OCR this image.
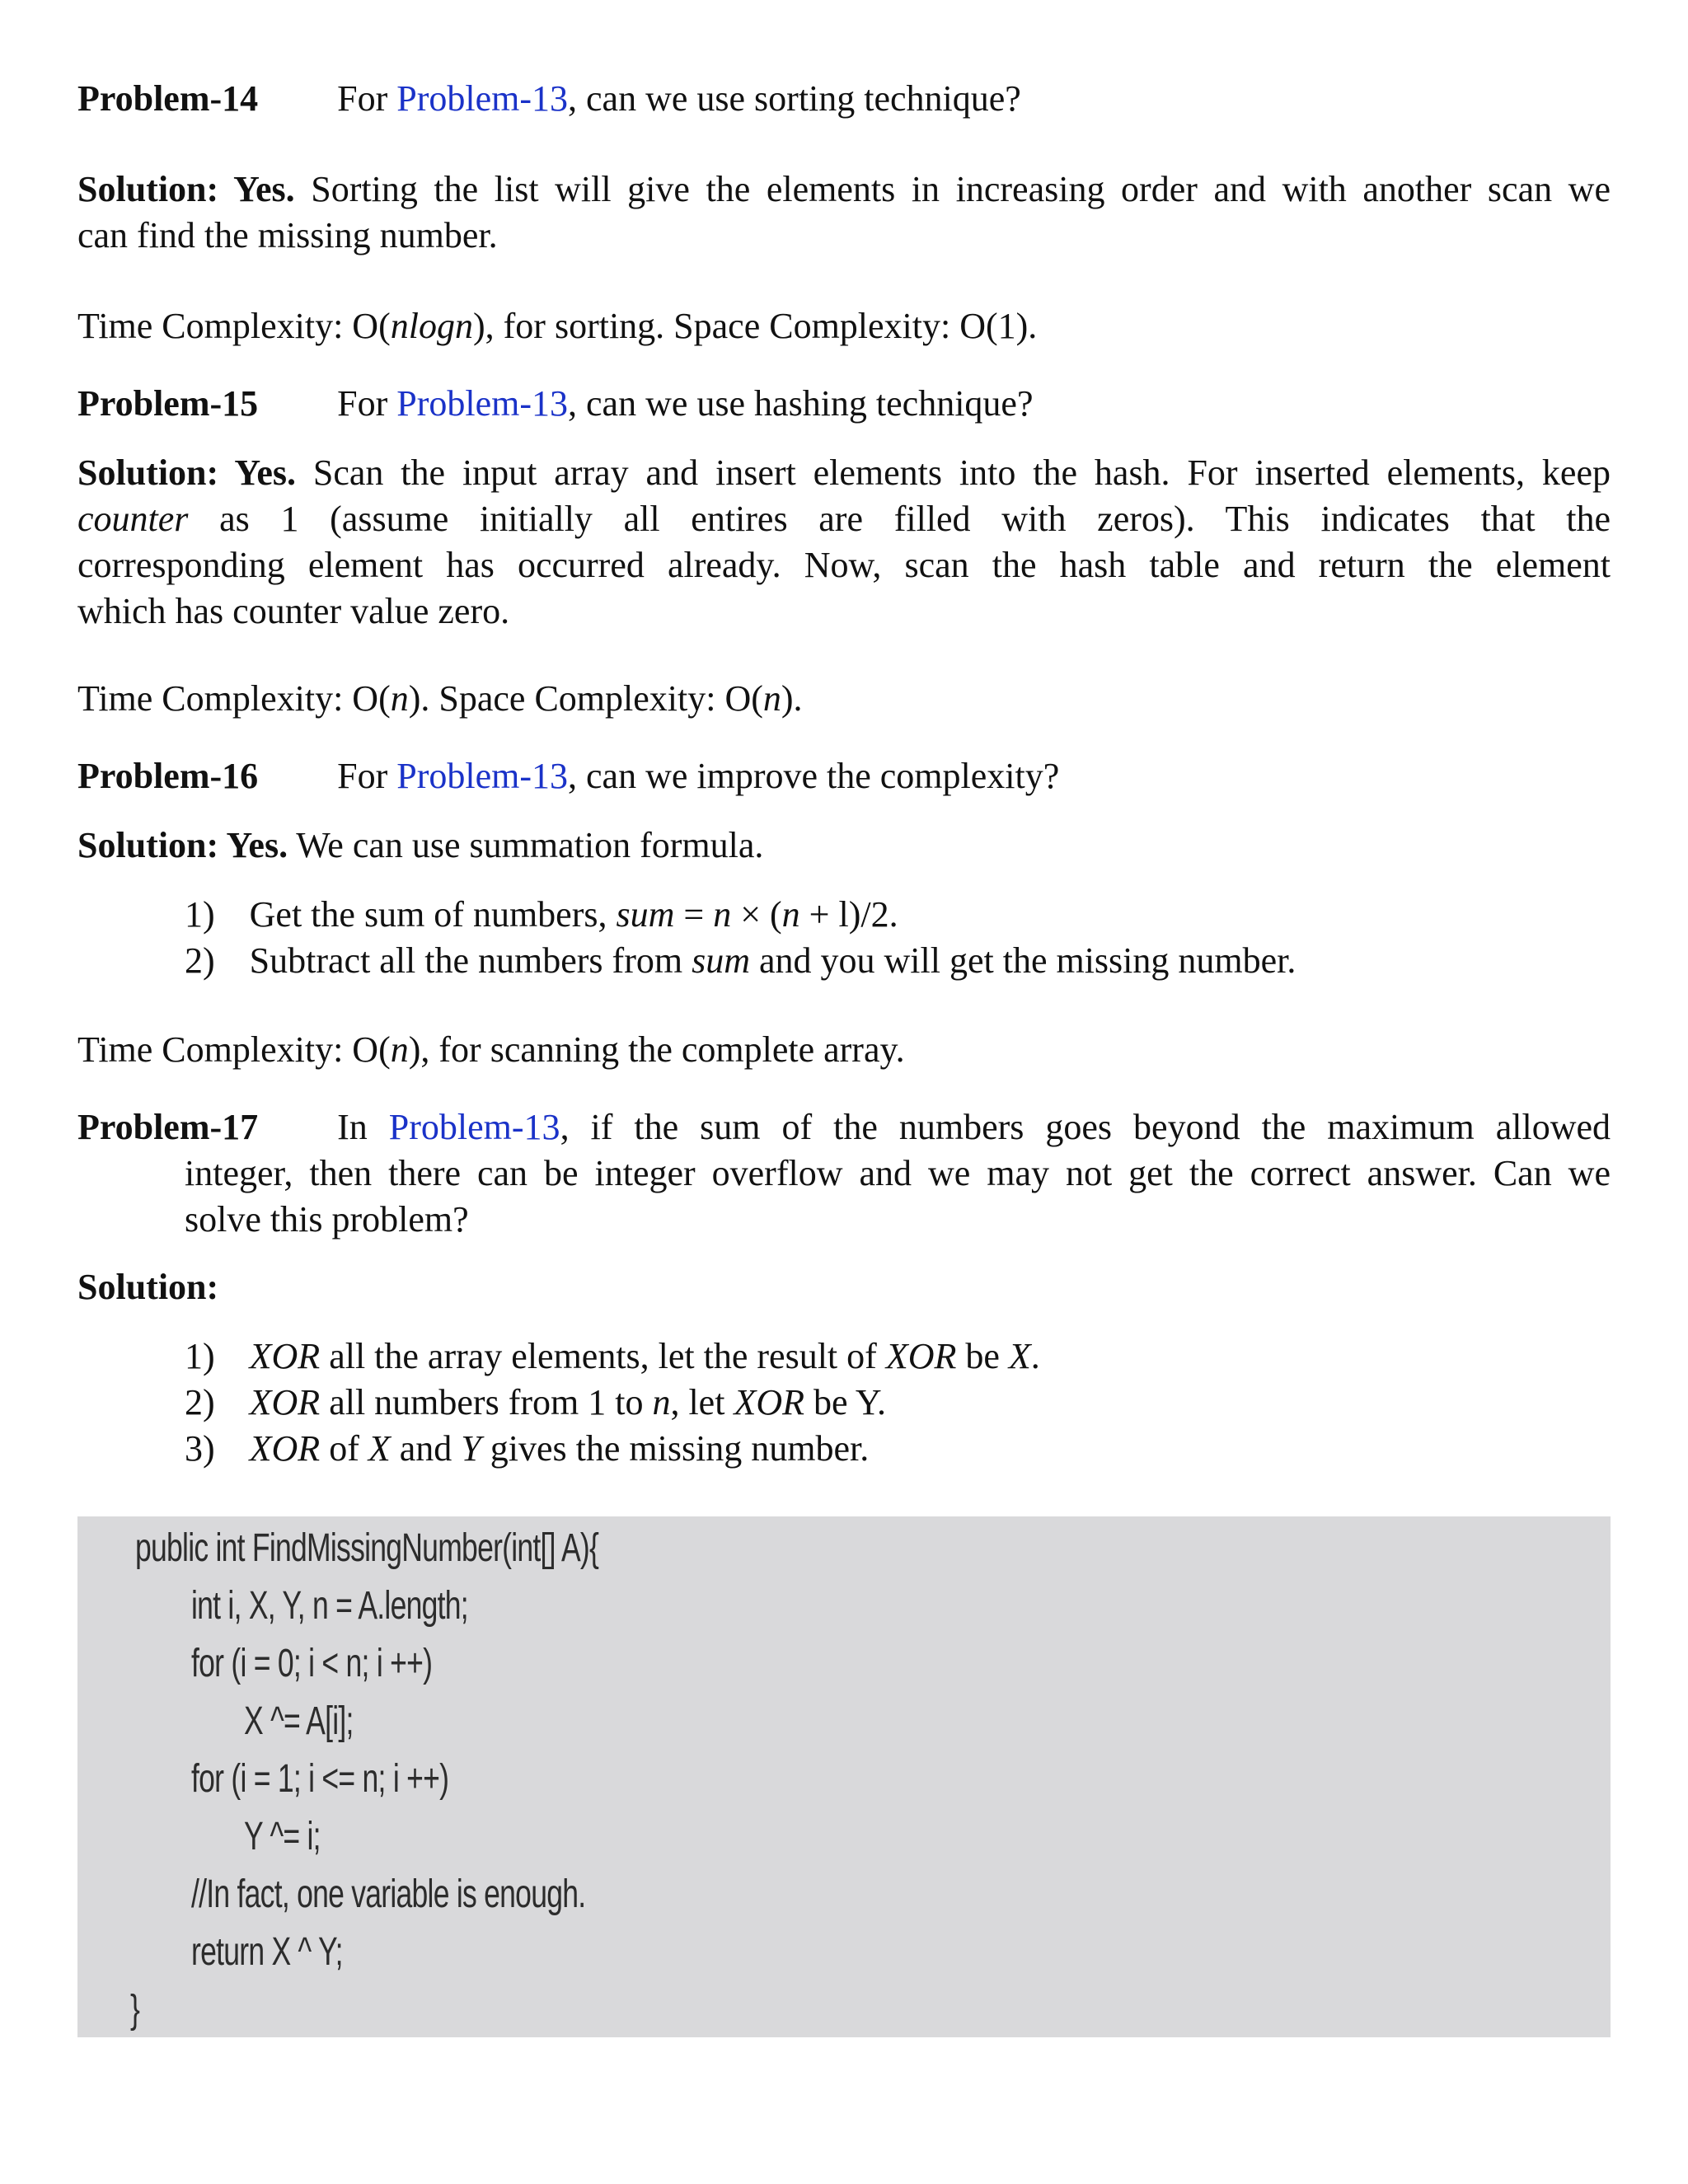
Problem-14 For Problem-13, can we use sorting technique?
Solution: Yes. Sorting the list will give the elements in increasing order and with another scan we
can find the missing number.
Time Complexity: O(nlogn), for sorting. Space Complexity: O(1).
Problem-15 For Problem-13, can we use hashing technique?
Solution: Yes. Scan the input array and insert elements into the hash. For inserted elements, keep
counter as 1 (assume initially all entires are filled with zeros). This indicates that the
corresponding element has occurred already. Now, scan the hash table and return the element
which has counter value zero.
Time Complexity: O(n). Space Complexity: O(n).
Problem-16 For Problem-13, can we improve the complexity?
Solution: Yes. We can use summation formula.
1) Get the sum of numbers, sum = n × (n + l)/2.
2) Subtract all the numbers from sum and you will get the missing number.
Time Complexity: O(n), for scanning the complete array.
Problem-17 In Problem-13, if the sum of the numbers goes beyond the maximum allowed
integer, then there can be integer overflow and we may not get the correct answer. Can we
solve this problem?
Solution:
1) XOR all the array elements, let the result of XOR be X.
2) XOR all numbers from 1 to n, let XOR be Y.
3) XOR of X and Y gives the missing number.
public int FindMissingNumber(int[] A){
int i, X, Y, n = A.length;
for (i = 0; i < n; i ++)
X ^= A[i];
for (i = 1; i <= n; i ++)
Y ^= i;
//In fact, one variable is enough.
return X ^ Y;
}
